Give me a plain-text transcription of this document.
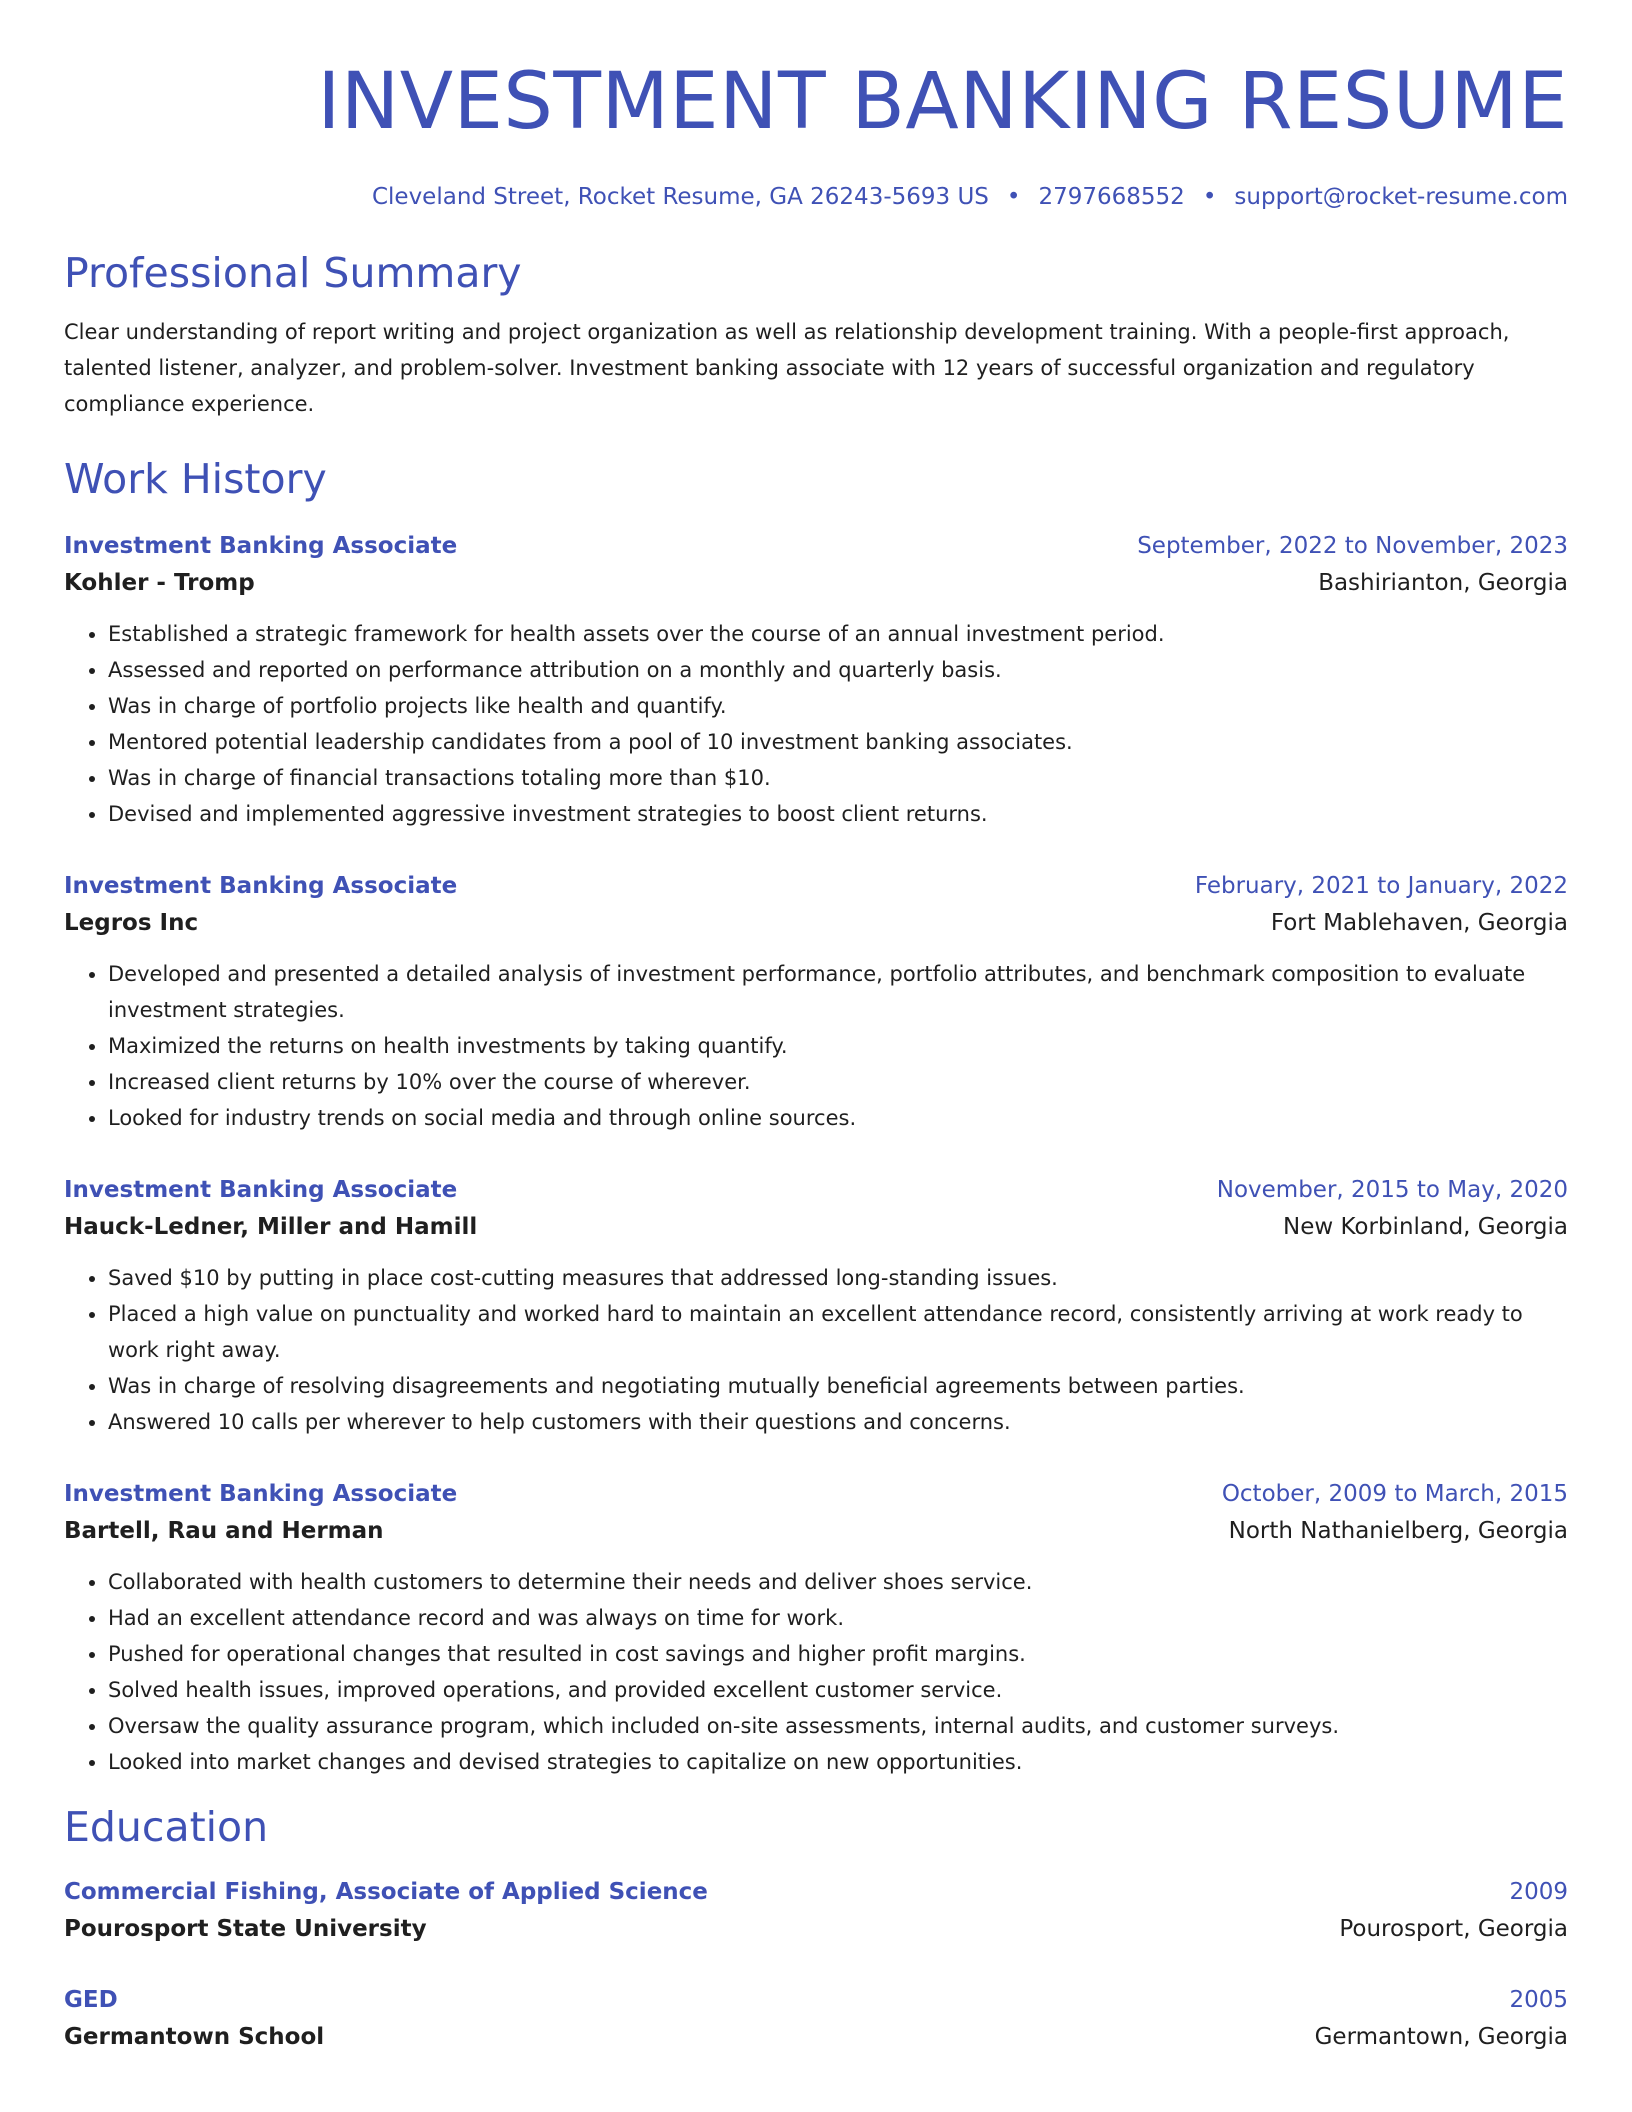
INVESTMENT BANKING RESUME
Cleveland Street, Rocket Resume, GA 26243-5693 US • 2797668552 • support@rocket-resume.com
Professional Summary

Clear understanding of report writing and project organization as well as relationship development training. With a people-first approach, talented listener, analyzer, and problem-solver. Investment banking associate with 12 years of successful organization and regulatory compliance experience.

Work History
Investment Banking Associate	September, 2022 to November, 2023
Kohler - Tromp	Bashirianton, Georgia
• Established a strategic framework for health assets over the course of an annual investment period.
• Assessed and reported on performance attribution on a monthly and quarterly basis.
• Was in charge of portfolio projects like health and quantify.
• Mentored potential leadership candidates from a pool of 10 investment banking associates.
• Was in charge of financial transactions totaling more than $10.
• Devised and implemented aggressive investment strategies to boost client returns.
Investment Banking Associate	February, 2021 to January, 2022
Legros Inc	Fort Mablehaven, Georgia
• Developed and presented a detailed analysis of investment performance, portfolio attributes, and benchmark composition to evaluate investment strategies.
• Maximized the returns on health investments by taking quantify.
• Increased client returns by 10% over the course of wherever.
• Looked for industry trends on social media and through online sources.
Investment Banking Associate	November, 2015 to May, 2020
Hauck-Ledner, Miller and Hamill	New Korbinland, Georgia
• Saved $10 by putting in place cost-cutting measures that addressed long-standing issues.
• Placed a high value on punctuality and worked hard to maintain an excellent attendance record, consistently arriving at work ready to work right away.
• Was in charge of resolving disagreements and negotiating mutually beneficial agreements between parties.
• Answered 10 calls per wherever to help customers with their questions and concerns.
Investment Banking Associate	October, 2009 to March, 2015
Bartell, Rau and Herman	North Nathanielberg, Georgia
• Collaborated with health customers to determine their needs and deliver shoes service.
• Had an excellent attendance record and was always on time for work.
• Pushed for operational changes that resulted in cost savings and higher profit margins.
• Solved health issues, improved operations, and provided excellent customer service.
• Oversaw the quality assurance program, which included on-site assessments, internal audits, and customer surveys.
• Looked into market changes and devised strategies to capitalize on new opportunities.
Education
Commercial Fishing, Associate of Applied Science	2009
Pourosport State University	Pourosport, Georgia
GED	2005
Germantown School	Germantown, Georgia
